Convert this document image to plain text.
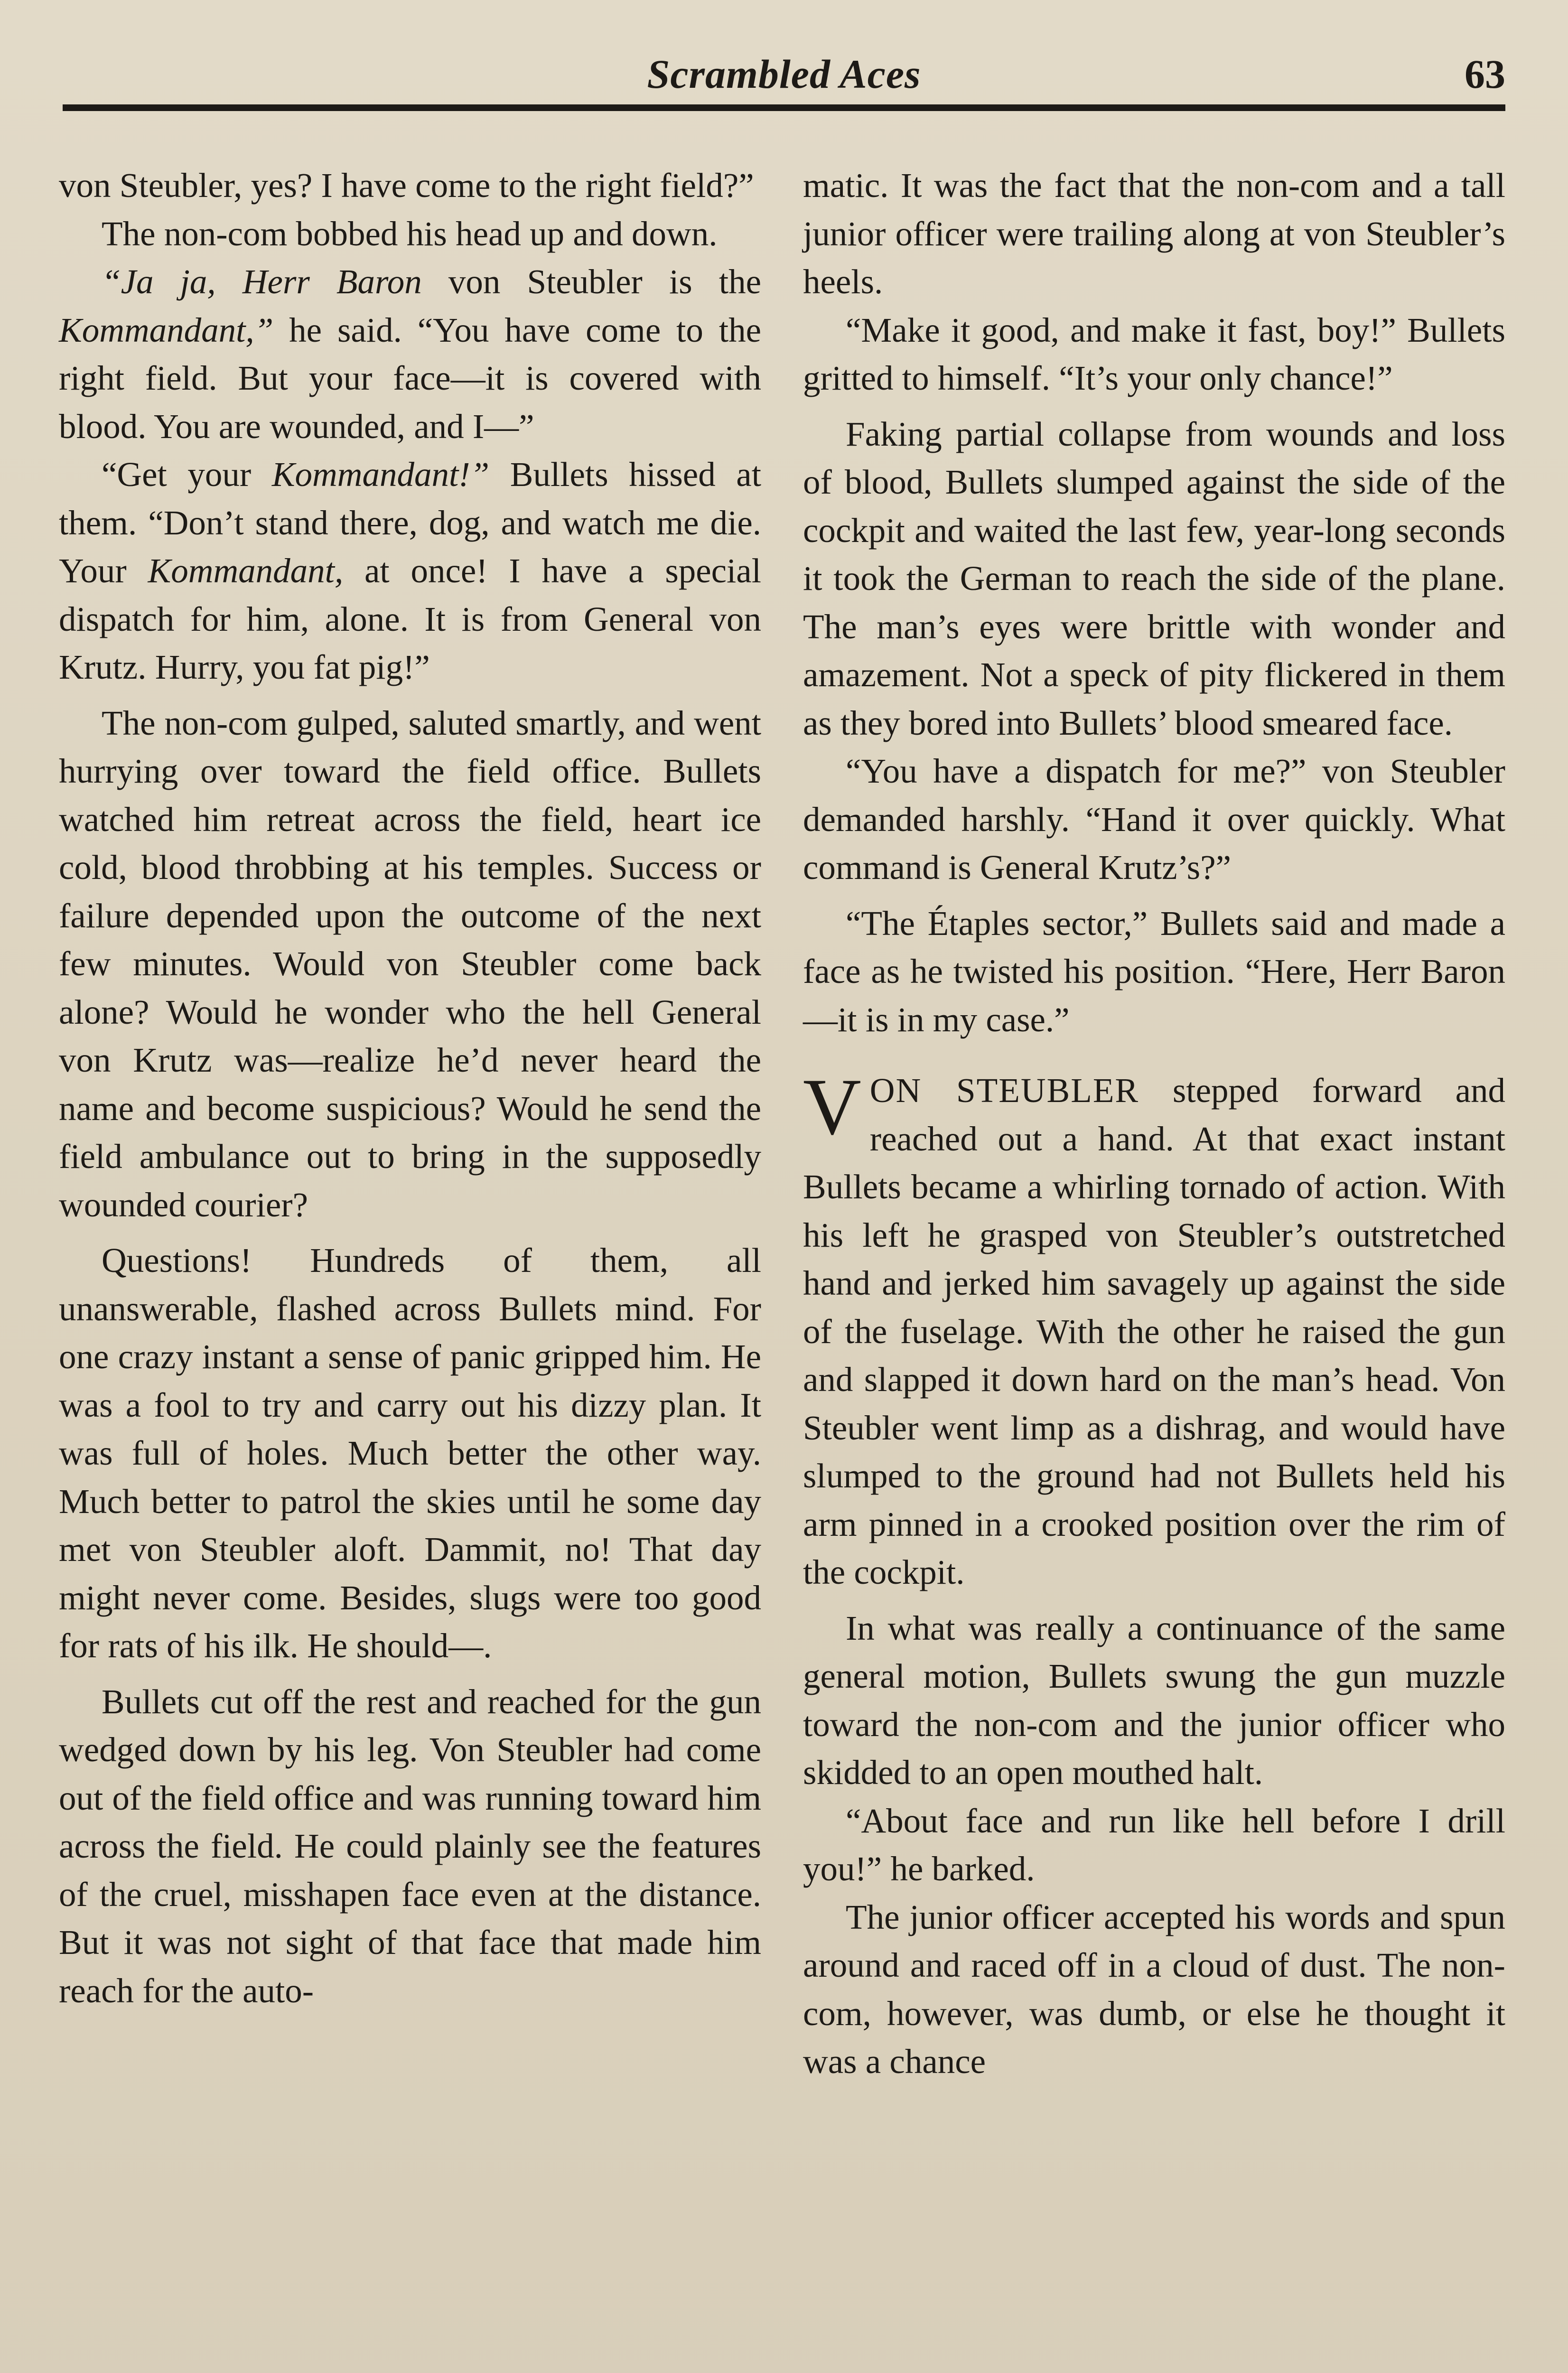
Scrambled Aces	63

von Steubler, yes? I have come to the right field?”

The non-com bobbed his head up and down.

“Ja ja, Herr Baron von Steubler is the Kommandant,” he said. “You have come to the right field. But your face—it is covered with blood. You are wounded, and I—”

“Get your Kommandant!” Bullets hissed at them. “Don’t stand there, dog, and watch me die. Your Kommandant, at once! I have a special dispatch for him, alone. It is from General von Krutz. Hurry, you fat pig!”

The non-com gulped, saluted smartly, and went hurrying over toward the field office. Bullets watched him retreat across the field, heart ice cold, blood throbbing at his temples. Success or failure depended upon the outcome of the next few minutes. Would von Steubler come back alone? Would he wonder who the hell General von Krutz was—realize he’d never heard the name and become suspicious? Would he send the field ambulance out to bring in the supposedly wounded courier?

Questions! Hundreds of them, all unanswerable, flashed across Bullets mind. For one crazy instant a sense of panic gripped him. He was a fool to try and carry out his dizzy plan. It was full of holes. Much better the other way. Much better to patrol the skies until he some day met von Steubler aloft. Dammit, no! That day might never come. Besides, slugs were too good for rats of his ilk. He should—.

Bullets cut off the rest and reached for the gun wedged down by his leg. Von Steubler had come out of the field office and was running toward him across the field. He could plainly see the features of the cruel, misshapen face even at the distance. But it was not sight of that face that made him reach for the auto-

matic. It was the fact that the non-com and a tall junior officer were trailing along at von Steubler’s heels.

“Make it good, and make it fast, boy!” Bullets gritted to himself. “It’s your only chance!”

Faking partial collapse from wounds and loss of blood, Bullets slumped against the side of the cockpit and waited the last few, year-long seconds it took the German to reach the side of the plane. The man’s eyes were brittle with wonder and amazement. Not a speck of pity flickered in them as they bored into Bullets’ blood smeared face.

“You have a dispatch for me?” von Steubler demanded harshly. “Hand it over quickly. What command is General Krutz’s?”

“The Étaples sector,” Bullets said and made a face as he twisted his position. “Here, Herr Baron—it is in my case.”

VON STEUBLER stepped forward and reached out a hand. At that exact instant Bullets became a whirling tornado of action. With his left he grasped von Steubler’s outstretched hand and jerked him savagely up against the side of the fuselage. With the other he raised the gun and slapped it down hard on the man’s head. Von Steubler went limp as a dishrag, and would have slumped to the ground had not Bullets held his arm pinned in a crooked position over the rim of the cockpit.

In what was really a continuance of the same general motion, Bullets swung the gun muzzle toward the non-com and the junior officer who skidded to an open mouthed halt.

“About face and run like hell before I drill you!” he barked.

The junior officer accepted his words and spun around and raced off in a cloud of dust. The non-com, however, was dumb, or else he thought it was a chance
